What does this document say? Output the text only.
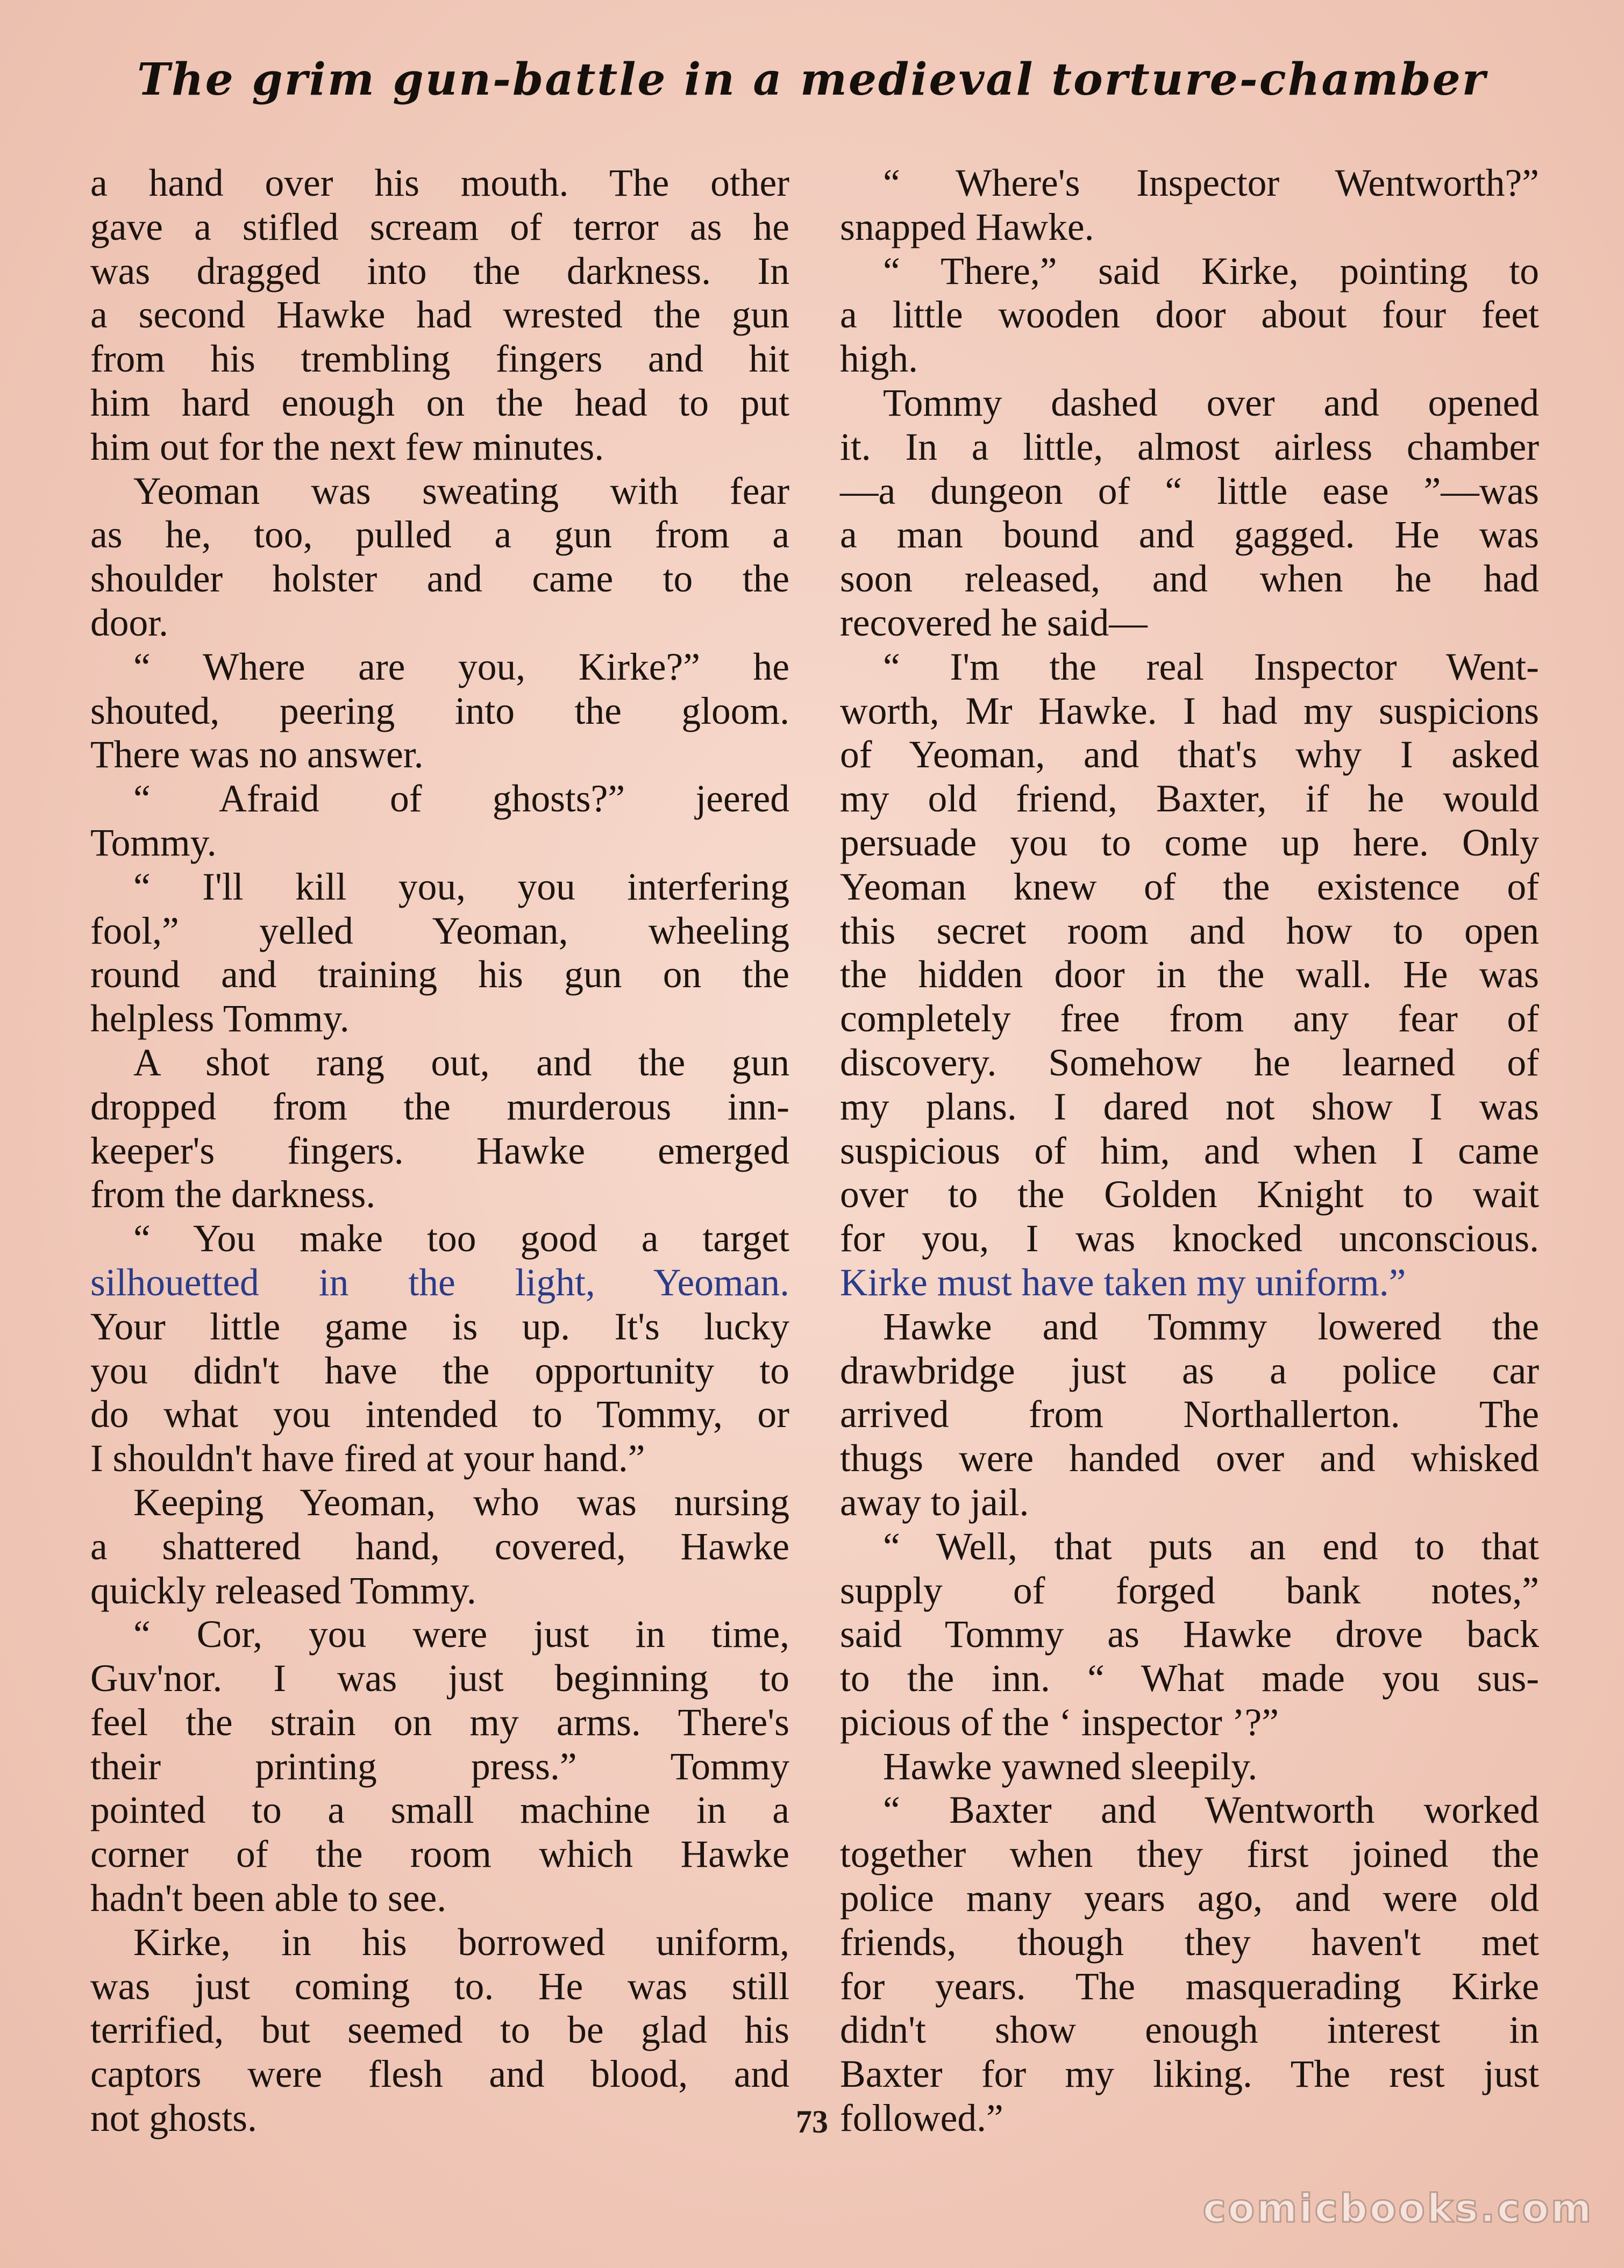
The grim gun-battle in a medieval torture-chamber
a hand over his mouth. The other
gave a stifled scream of terror as he
was dragged into the darkness. In
a second Hawke had wrested the gun
from his trembling fingers and hit
him hard enough on the head to put
him out for the next few minutes.
Yeoman was sweating with fear
as he, too, pulled a gun from a
shoulder holster and came to the
door.
“ Where are you, Kirke?” he
shouted, peering into the gloom.
There was no answer.
“ Afraid of ghosts?” jeered
Tommy.
“ I'll kill you, you interfering
fool,” yelled Yeoman, wheeling
round and training his gun on the
helpless Tommy.
A shot rang out, and the gun
dropped from the murderous inn-
keeper's fingers. Hawke emerged
from the darkness.
“ You make too good a target
silhouetted in the light, Yeoman.
Your little game is up. It's lucky
you didn't have the opportunity to
do what you intended to Tommy, or
I shouldn't have fired at your hand.”
Keeping Yeoman, who was nursing
a shattered hand, covered, Hawke
quickly released Tommy.
“ Cor, you were just in time,
Guv'nor. I was just beginning to
feel the strain on my arms. There's
their printing press.” Tommy
pointed to a small machine in a
corner of the room which Hawke
hadn't been able to see.
Kirke, in his borrowed uniform,
was just coming to. He was still
terrified, but seemed to be glad his
captors were flesh and blood, and
not ghosts.
“ Where's Inspector Wentworth?”
snapped Hawke.
“ There,” said Kirke, pointing to
a little wooden door about four feet
high.
Tommy dashed over and opened
it. In a little, almost airless chamber
—a dungeon of “ little ease ”—was
a man bound and gagged. He was
soon released, and when he had
recovered he said—
“ I'm the real Inspector Went-
worth, Mr Hawke. I had my suspicions
of Yeoman, and that's why I asked
my old friend, Baxter, if he would
persuade you to come up here. Only
Yeoman knew of the existence of
this secret room and how to open
the hidden door in the wall. He was
completely free from any fear of
discovery. Somehow he learned of
my plans. I dared not show I was
suspicious of him, and when I came
over to the Golden Knight to wait
for you, I was knocked unconscious.
Kirke must have taken my uniform.”
Hawke and Tommy lowered the
drawbridge just as a police car
arrived from Northallerton. The
thugs were handed over and whisked
away to jail.
“ Well, that puts an end to that
supply of forged bank notes,”
said Tommy as Hawke drove back
to the inn. “ What made you sus-
picious of the ‘ inspector ’?”
Hawke yawned sleepily.
“ Baxter and Wentworth worked
together when they first joined the
police many years ago, and were old
friends, though they haven't met
for years. The masquerading Kirke
didn't show enough interest in
Baxter for my liking. The rest just
followed.”
73
comicbooks.com
